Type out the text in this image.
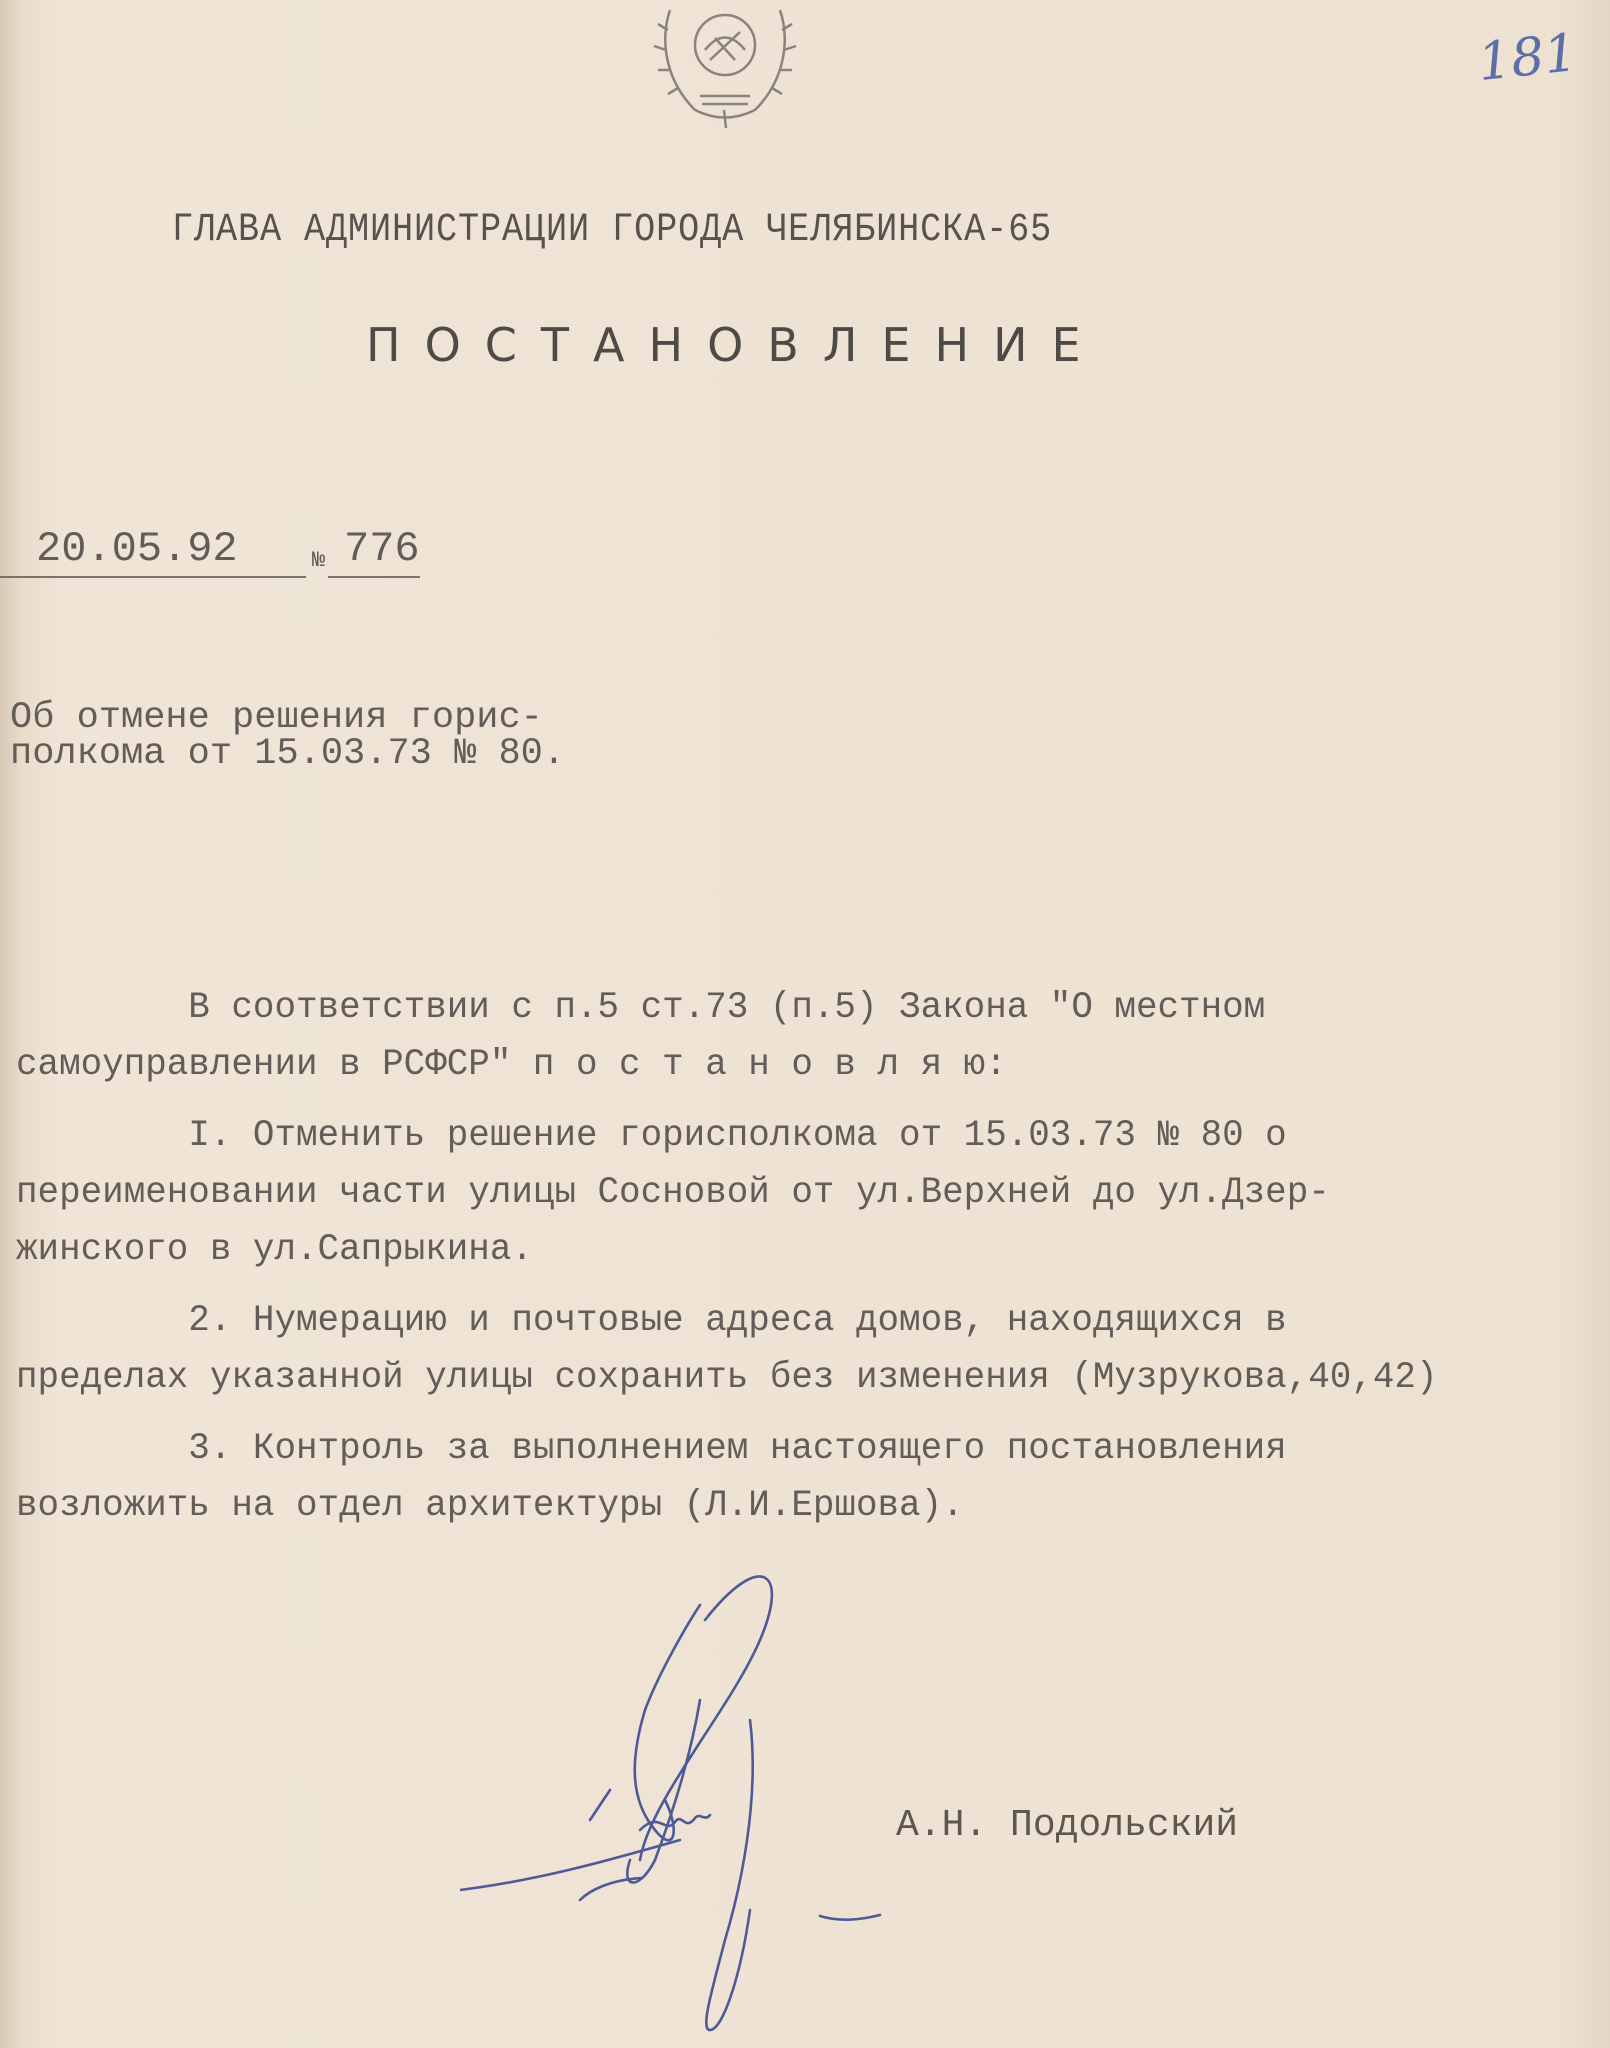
181
ГЛАВА АДМИНИСТРАЦИИ ГОРОДА ЧЕЛЯБИНСКА-65
ПОСТАНОВЛЕНИЕ
20.05.92	№ 776
Об отмене решения горис-
полкома от 15.03.73 № 80.
В соответствии с п.5 ст.73 (п.5) Закона "О местном
самоуправлении в РСФСР" п о с т а н о в л я ю:
I. Отменить решение горисполкома от 15.03.73 № 80 о
переименовании части улицы Сосновой от ул.Верхней до ул.Дзер-
жинского в ул.Сапрыкина.
2. Нумерацию и почтовые адреса домов, находящихся в
пределах указанной улицы сохранить без изменения (Музрукова,40,42)
3. Контроль за выполнением настоящего постановления
возложить на отдел архитектуры (Л.И.Ершова).
А.Н. Подольский
